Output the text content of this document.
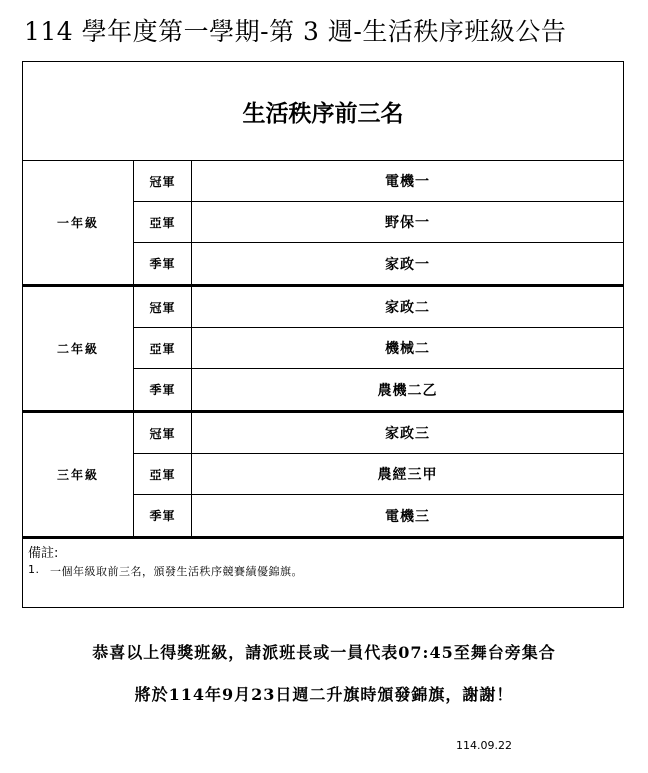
114 學年度第一學期-第 3 週-生活秩序班級公告
生活秩序前三名
一年級
冠軍	電機一
亞軍	野保一
季軍	家政一
二年級
冠軍	家政二
亞軍	機械二
季軍	農機二乙
三年級
冠軍	家政三
亞軍	農經三甲
季軍	電機三
備註:
1. 一個年級取前三名，頒發生活秩序競賽績優錦旗。
恭喜以上得獎班級，請派班長或一員代表07:45至舞台旁集合
將於114年9月23日週二升旗時頒發錦旗，謝謝！
114.09.22
